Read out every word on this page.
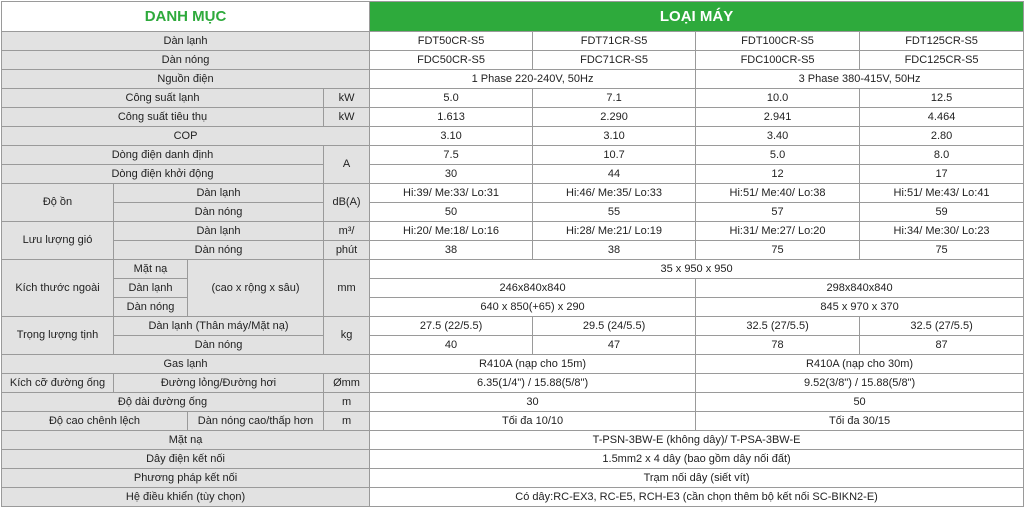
DANH MỤC				LOẠI MÁY			
Dàn lạnh				FDT50CR-S5	FDT71CR-S5	FDT100CR-S5	FDT125CR-S5
Dàn nóng				FDC50CR-S5	FDC71CR-S5	FDC100CR-S5	FDC125CR-S5
Nguồn điện				1 Phase 220-240V, 50Hz		3 Phase 380-415V, 50Hz	
Công suất lạnh			kW	5.0	7.1	10.0	12.5
Công suất tiêu thụ			kW	1.613	2.290	2.941	4.464
COP				3.10	3.10	3.40	2.80
Dòng điện danh định			A	7.5	10.7	5.0	8.0
Dòng điện khởi động				30	44	12	17
Độ ồn	Dàn lạnh		dB(A)	Hi:39/ Me:33/ Lo:31	Hi:46/ Me:35/ Lo:33	Hi:51/ Me:40/ Lo:38	Hi:51/ Me:43/ Lo:41
	Dàn nóng			50	55	57	59
Lưu lượng gió	Dàn lạnh		m³/	Hi:20/ Me:18/ Lo:16	Hi:28/ Me:21/ Lo:19	Hi:31/ Me:27/ Lo:20	Hi:34/ Me:30/ Lo:23
	Dàn nóng		phút	38	38	75	75
Kích thước ngoài	Mặt nạ	(cao x rộng x sâu)	mm	35 x 950 x 950			
	Dàn lạnh			246x840x840		298x840x840	
	Dàn nóng			640 x 850(+65) x 290		845 x 970 x 370	
Trọng lượng tịnh	Dàn lạnh (Thân máy/Mặt nạ)		kg	27.5 (22/5.5)	29.5 (24/5.5)	32.5 (27/5.5)	32.5 (27/5.5)
	Dàn nóng			40	47	78	87
Gas lạnh				R410A (nạp cho 15m)		R410A (nạp cho 30m)	
Kích cỡ đường ống	Đường lỏng/Đường hơi		Ømm	6.35(1/4") / 15.88(5/8")		9.52(3/8") / 15.88(5/8")	
Độ dài đường ống			m	30		50	
Độ cao chênh lệch		Dàn nóng cao/thấp hơn	m	Tối đa 10/10		Tối đa 30/15	
Mặt nạ				T-PSN-3BW-E (không dây)/ T-PSA-3BW-E			
Dây điện kết nối				1.5mm2 x 4 dây (bao gồm dây nối đất)			
Phương pháp kết nối				Trạm nối dây (siết vít)			
Hệ điều khiển (tùy chọn)				Có dây:RC-EX3, RC-E5, RCH-E3 (cần chọn thêm bộ kết nối SC-BIKN2-E)			
